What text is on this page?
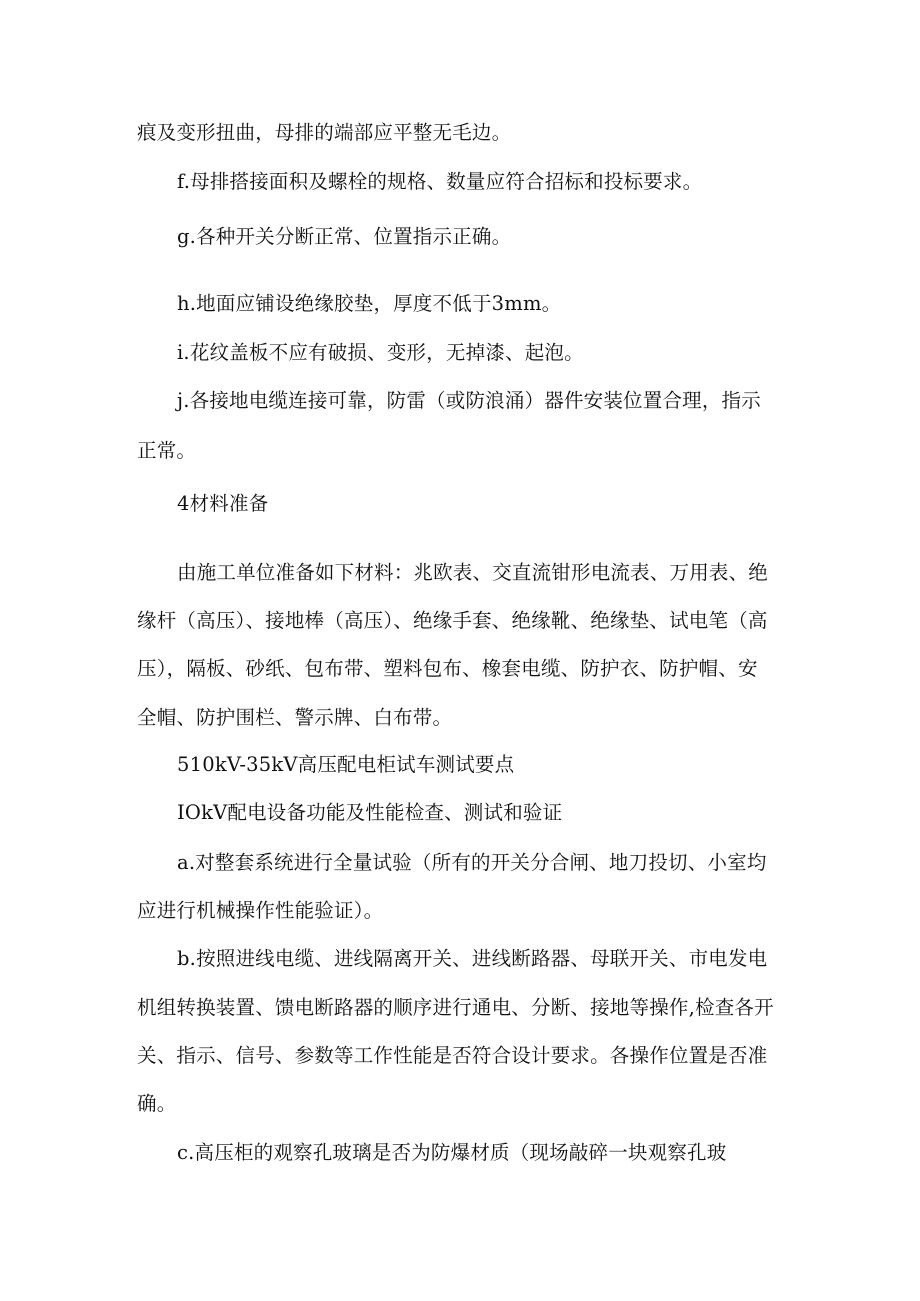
痕及变形扭曲，母排的端部应平整无毛边。
f.母排搭接面积及螺栓的规格、数量应符合招标和投标要求。
g.各种开关分断正常、位置指示正确。
h.地面应铺设绝缘胶垫，厚度不低于3mm。
i.花纹盖板不应有破损、变形，无掉漆、起泡。
j.各接地电缆连接可靠，防雷（或防浪涌）器件安装位置合理，指示
正常。
4材料准备
由施工单位准备如下材料：兆欧表、交直流钳形电流表、万用表、绝
缘杆（高压）、接地棒（高压）、绝缘手套、绝缘靴、绝缘垫、试电笔（高
压），隔板、砂纸、包布带、塑料包布、橡套电缆、防护衣、防护帽、安
全帽、防护围栏、警示牌、白布带。
510kV-35kV高压配电柜试车测试要点
IOkV配电设备功能及性能检查、测试和验证
a.对整套系统进行全量试验（所有的开关分合闸、地刀投切、小室均
应进行机械操作性能验证）。
b.按照进线电缆、进线隔离开关、进线断路器、母联开关、市电发电
机组转换装置、馈电断路器的顺序进行通电、分断、接地等操作,检查各开
关、指示、信号、参数等工作性能是否符合设计要求。各操作位置是否准
确。
c.高压柜的观察孔玻璃是否为防爆材质（现场敲碎一块观察孔玻
